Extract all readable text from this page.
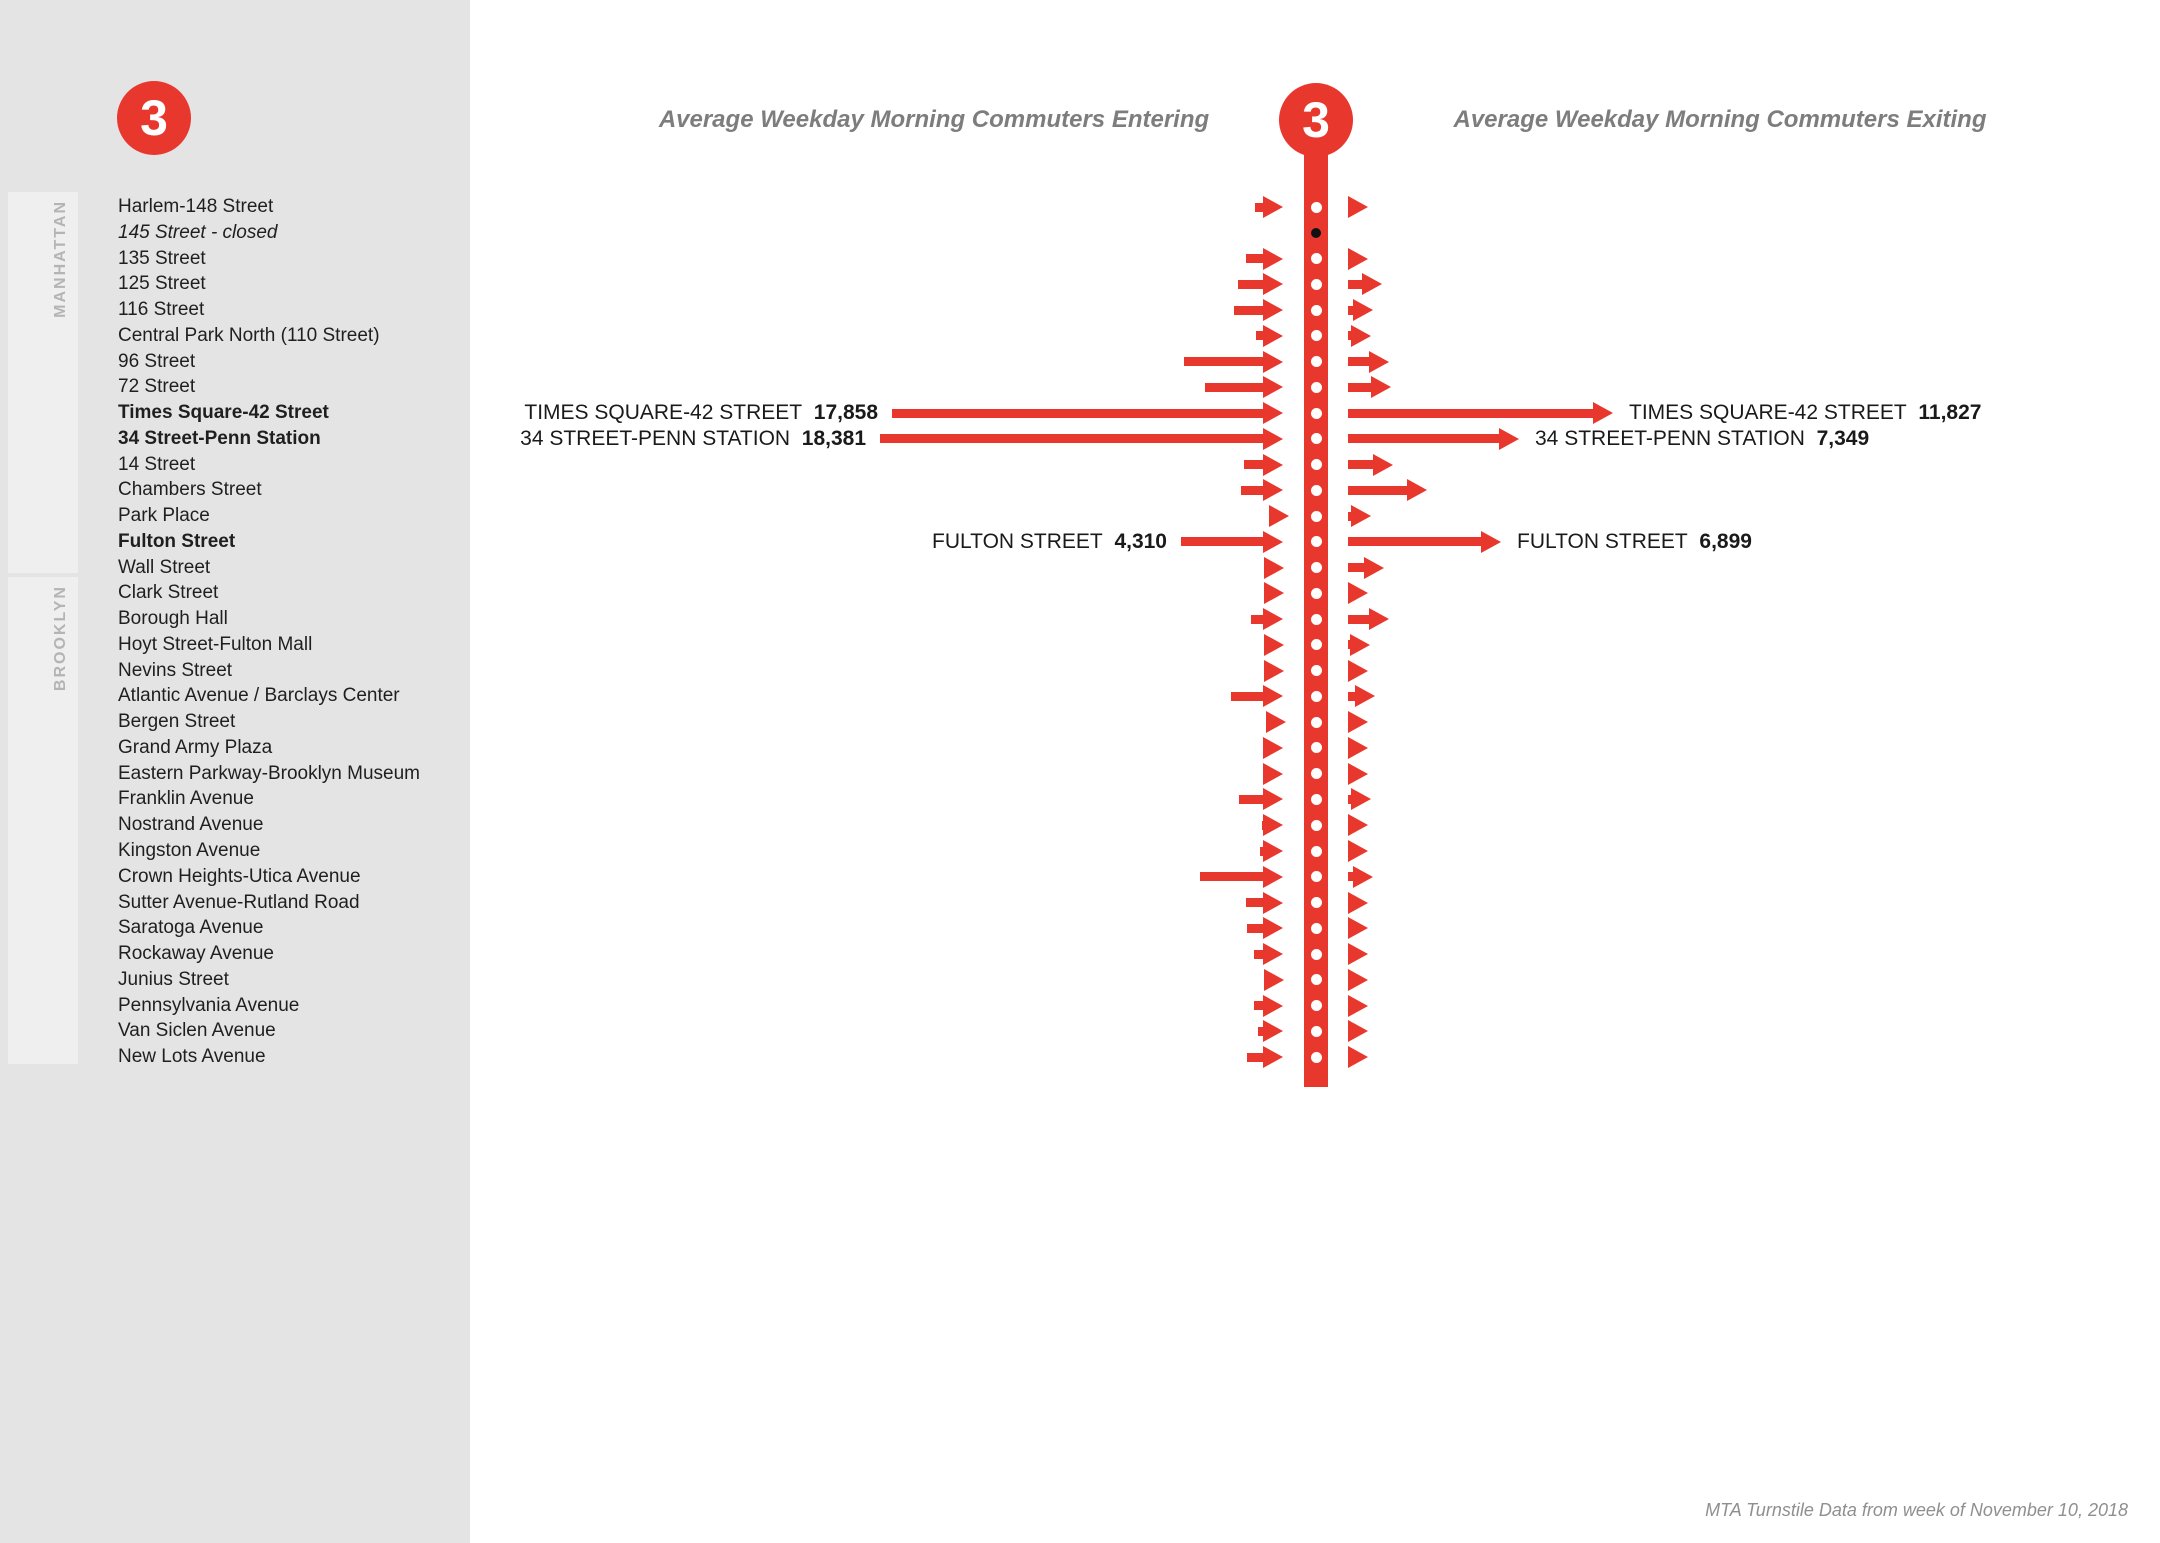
MANHATTAN
BROOKLYN
3
Harlem-148 Street
145 Street - closed
135 Street
125 Street
116 Street
Central Park North (110 Street)
96 Street
72 Street
Times Square-42 Street
34 Street-Penn Station
14 Street
Chambers Street
Park Place
Fulton Street
Wall Street
Clark Street
Borough Hall
Hoyt Street-Fulton Mall
Nevins Street
Atlantic Avenue / Barclays Center
Bergen Street
Grand Army Plaza
Eastern Parkway-Brooklyn Museum
Franklin Avenue
Nostrand Avenue
Kingston Avenue
Crown Heights-Utica Avenue
Sutter Avenue-Rutland Road
Saratoga Avenue
Rockaway Avenue
Junius Street
Pennsylvania Avenue
Van Siclen Avenue
New Lots Avenue
Average Weekday Morning Commuters Entering	Average Weekday Morning Commuters Exiting
3
TIMES SQUARE-42 STREET 17,858	TIMES SQUARE-42 STREET 11,827
34 STREET-PENN STATION 18,381	34 STREET-PENN STATION 7,349
FULTON STREET 4,310	FULTON STREET 6,899
MTA Turnstile Data from week of November 10, 2018
